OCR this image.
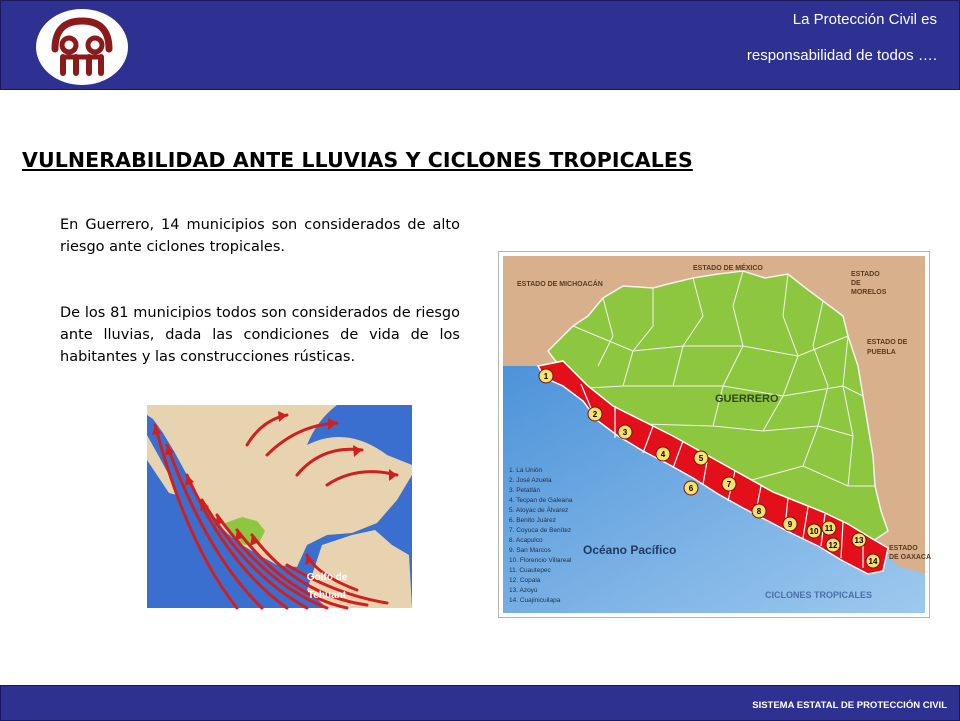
La Protección Civil es
responsabilidad de todos ….
VULNERABILIDAD ANTE LLUVIAS Y CICLONES TROPICALES
En Guerrero, 14 municipios son considerados de alto riesgo ante ciclones tropicales.
De los 81 municipios todos son considerados de riesgo ante lluvias, dada las condiciones de vida de los habitantes y las construcciones rústicas.
Golfo de
Tehuant
epec
1
2
3
4	5
6	7
8
9
10 11
12
13
14
ESTADO DE MICHOACÁN
ESTADO DE MÉXICO
ESTADO
DE
MORELOS
ESTADO DE
PUEBLA
ESTADO
DE OAXACA
GUERRERO
Océano Pacífico
1. La Unión
2. José Azueta
3. Petatlán
4. Tecpan de Galeana
5. Atoyac de Álvarez
6. Benito Juárez
7. Coyuca de Benítez
8. Acapulco
9. San Marcos
10. Florencio Villareal
11. Cuautepec
12. Copala
13. Azoyú
14. Cuajinicuilapa
CICLONES TROPICALES
SISTEMA ESTATAL DE PROTECCIÓN CIVIL
